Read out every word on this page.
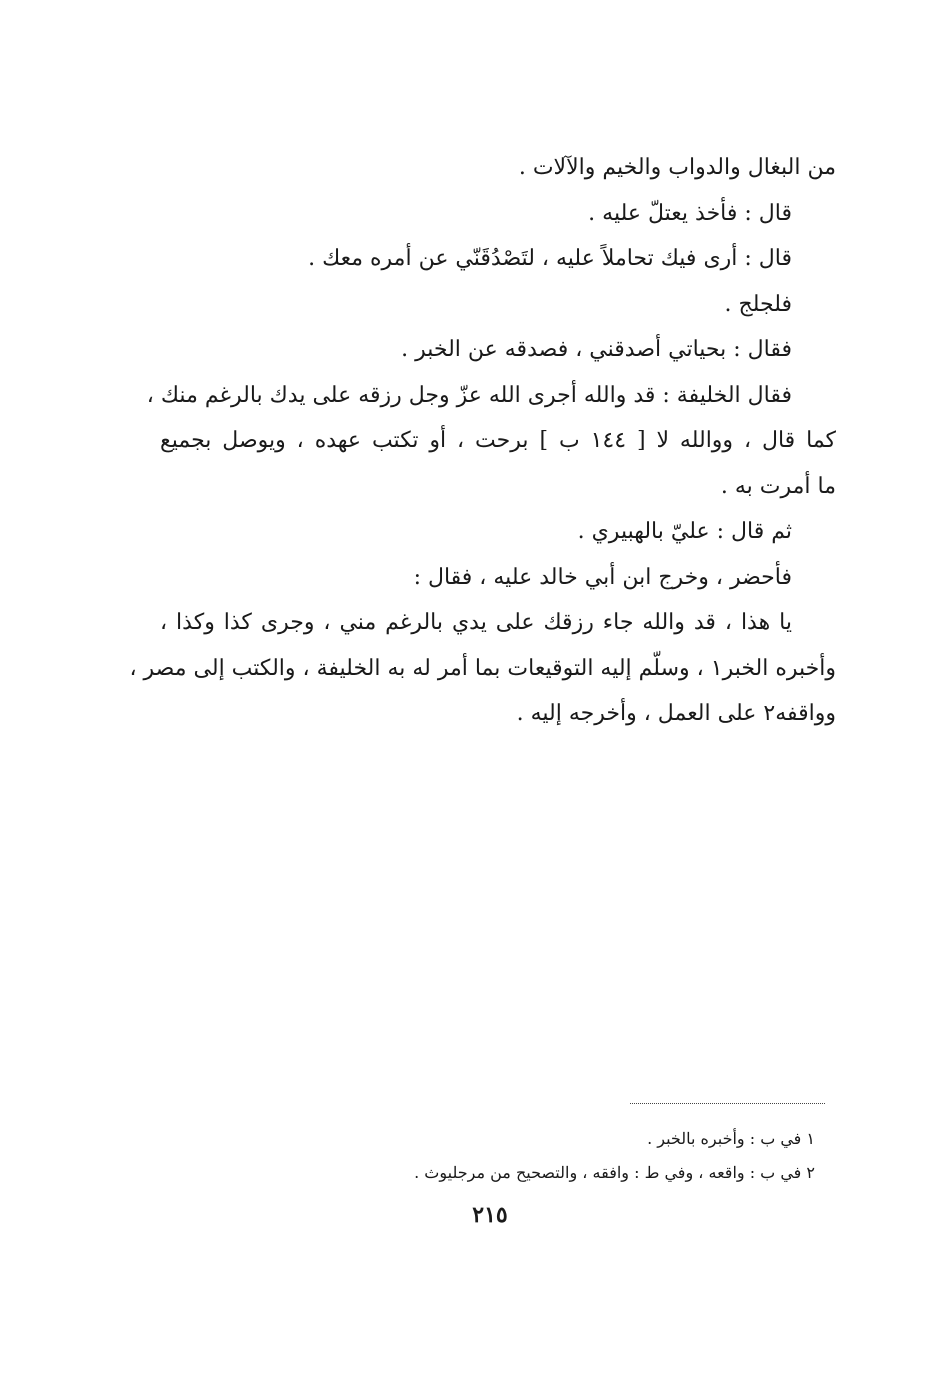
من البغال والدواب والخيم والآلات .
قال : فأخذ يعتلّ عليه .
قال : أرى فيك تحاملاً عليه ، لتَصْدُقَنّي عن أمره معك .
فلجلج .
فقال : بحياتي أصدقني ، فصدقه عن الخبر .
فقال الخليفة : قد والله أجرى الله عزّ وجل رزقه على يدك بالرغم منك ،
كما قال ، ووالله لا [ ١٤٤ ب ] برحت ، أو تكتب عهده ، ويوصل بجميع
ما أمرت به .
ثم قال : عليّ بالهبيري .
فأحضر ، وخرج ابن أبي خالد عليه ، فقال :
يا هذا ، قد والله جاء رزقك على يدي بالرغم مني ، وجرى كذا وكذا ،
وأخبره الخبر١ ، وسلّم إليه التوقيعات بما أمر له به الخليفة ، والكتب إلى مصر ،
وواقفه٢ على العمل ، وأخرجه إليه .
١ في ب : وأخبره بالخبر .
٢ في ب : واقعه ، وفي ط : وافقه ، والتصحيح من مرجليوث .
٢١٥
